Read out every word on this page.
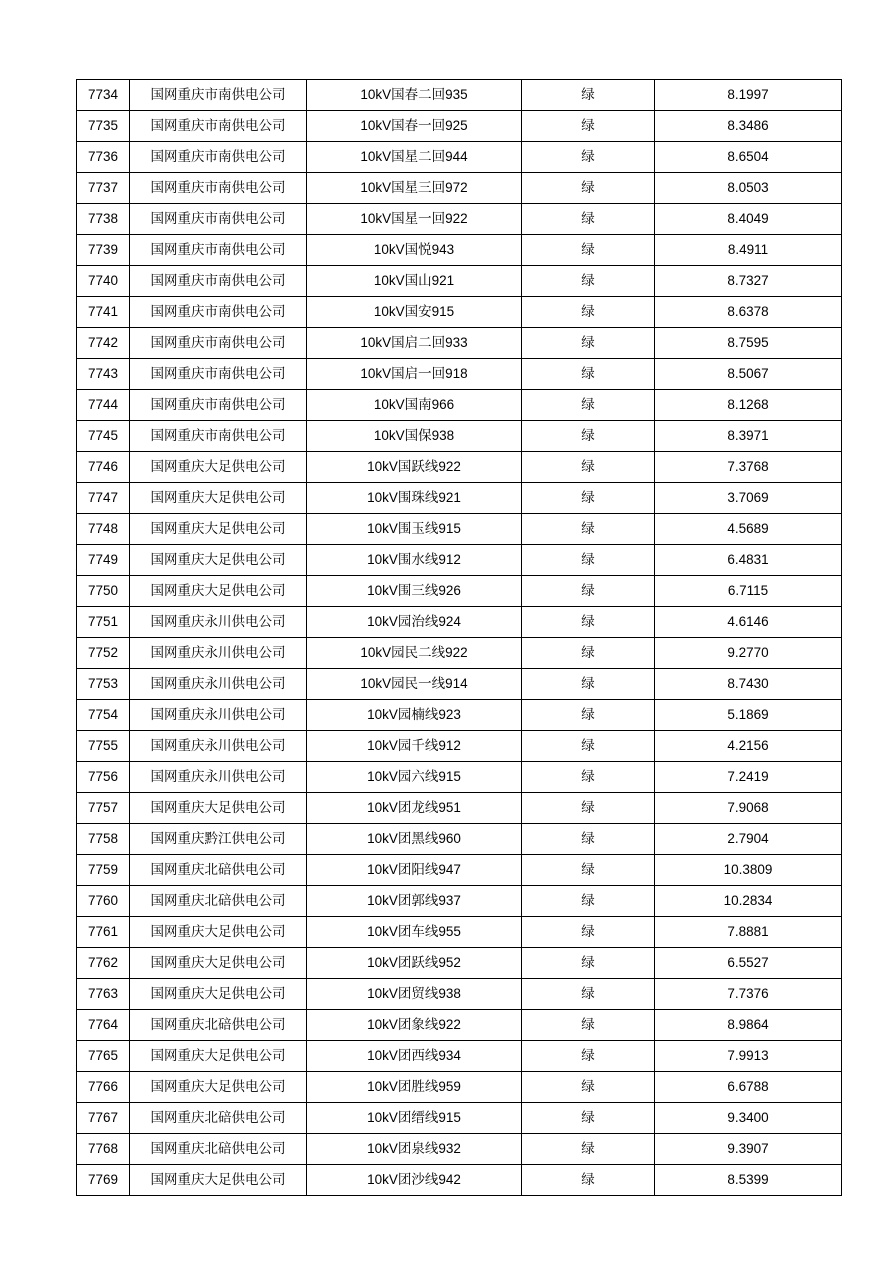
7734	国网重庆市南供电公司	10kV国春二回935	绿	8.1997
7735	国网重庆市南供电公司	10kV国春一回925	绿	8.3486
7736	国网重庆市南供电公司	10kV国星二回944	绿	8.6504
7737	国网重庆市南供电公司	10kV国星三回972	绿	8.0503
7738	国网重庆市南供电公司	10kV国星一回922	绿	8.4049
7739	国网重庆市南供电公司	10kV国悦943	绿	8.4911
7740	国网重庆市南供电公司	10kV国山921	绿	8.7327
7741	国网重庆市南供电公司	10kV国安915	绿	8.6378
7742	国网重庆市南供电公司	10kV国启二回933	绿	8.7595
7743	国网重庆市南供电公司	10kV国启一回918	绿	8.5067
7744	国网重庆市南供电公司	10kV国南966	绿	8.1268
7745	国网重庆市南供电公司	10kV国保938	绿	8.3971
7746	国网重庆大足供电公司	10kV国跃线922	绿	7.3768
7747	国网重庆大足供电公司	10kV围珠线921	绿	3.7069
7748	国网重庆大足供电公司	10kV围玉线915	绿	4.5689
7749	国网重庆大足供电公司	10kV围水线912	绿	6.4831
7750	国网重庆大足供电公司	10kV围三线926	绿	6.7115
7751	国网重庆永川供电公司	10kV园治线924	绿	4.6146
7752	国网重庆永川供电公司	10kV园民二线922	绿	9.2770
7753	国网重庆永川供电公司	10kV园民一线914	绿	8.7430
7754	国网重庆永川供电公司	10kV园楠线923	绿	5.1869
7755	国网重庆永川供电公司	10kV园千线912	绿	4.2156
7756	国网重庆永川供电公司	10kV园六线915	绿	7.2419
7757	国网重庆大足供电公司	10kV团龙线951	绿	7.9068
7758	国网重庆黔江供电公司	10kV团黑线960	绿	2.7904
7759	国网重庆北碚供电公司	10kV团阳线947	绿	10.3809
7760	国网重庆北碚供电公司	10kV团郭线937	绿	10.2834
7761	国网重庆大足供电公司	10kV团车线955	绿	7.8881
7762	国网重庆大足供电公司	10kV团跃线952	绿	6.5527
7763	国网重庆大足供电公司	10kV团贸线938	绿	7.7376
7764	国网重庆北碚供电公司	10kV团象线922	绿	8.9864
7765	国网重庆大足供电公司	10kV团西线934	绿	7.9913
7766	国网重庆大足供电公司	10kV团胜线959	绿	6.6788
7767	国网重庆北碚供电公司	10kV团缙线915	绿	9.3400
7768	国网重庆北碚供电公司	10kV团泉线932	绿	9.3907
7769	国网重庆大足供电公司	10kV团沙线942	绿	8.5399
